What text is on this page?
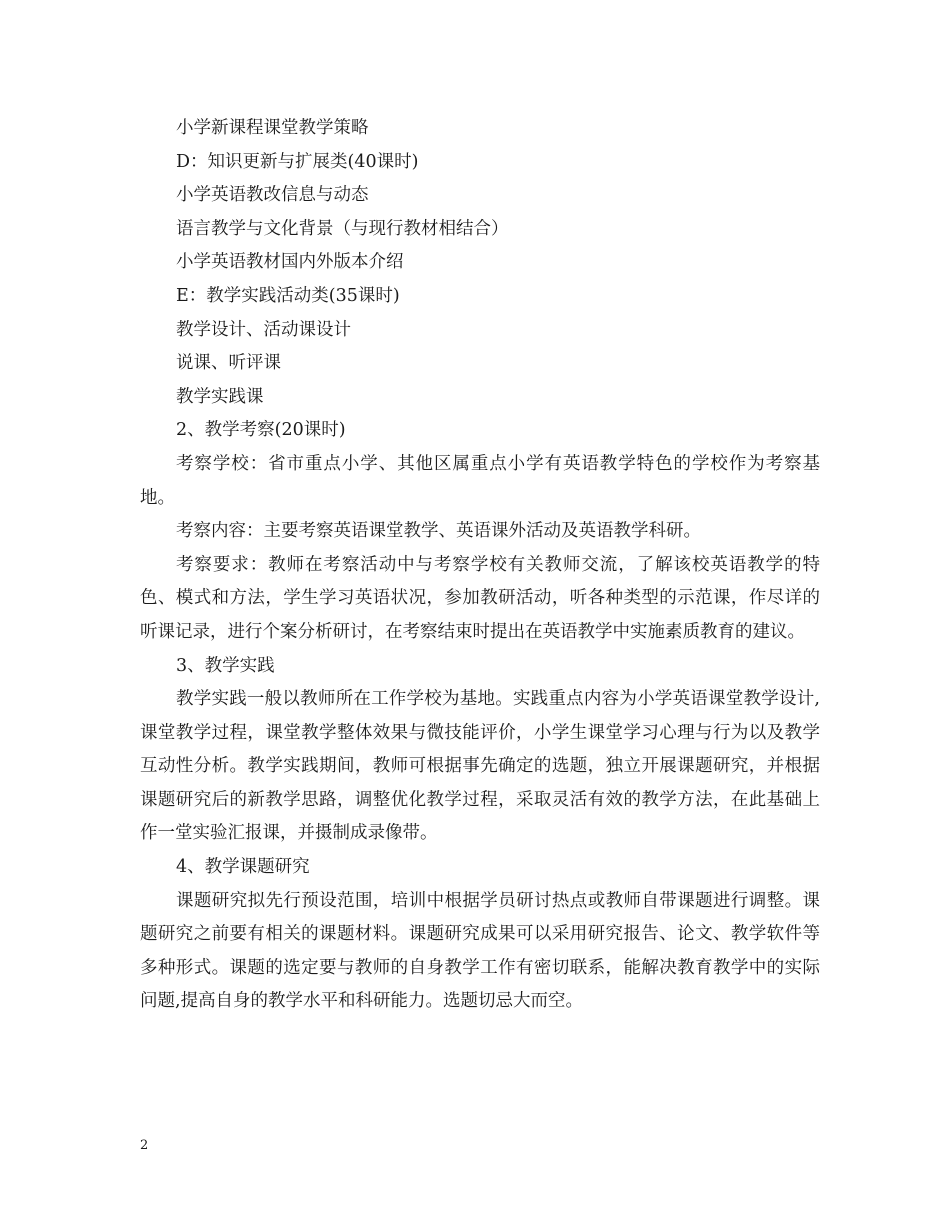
小学新课程课堂教学策略

D：知识更新与扩展类(40课时)

小学英语教改信息与动态

语言教学与文化背景（与现行教材相结合）

小学英语教材国内外版本介绍

E：教学实践活动类(35课时)

教学设计、活动课设计

说课、听评课

教学实践课

2、教学考察(20课时)

考察学校：省市重点小学、其他区属重点小学有英语教学特色的学校作为考察基地。

考察内容：主要考察英语课堂教学、英语课外活动及英语教学科研。

考察要求：教师在考察活动中与考察学校有关教师交流，了解该校英语教学的特色、模式和方法，学生学习英语状况，参加教研活动，听各种类型的示范课，作尽详的听课记录，进行个案分析研讨，在考察结束时提出在英语教学中实施素质教育的建议。

3、教学实践

教学实践一般以教师所在工作学校为基地。实践重点内容为小学英语课堂教学设计,课堂教学过程，课堂教学整体效果与微技能评价，小学生课堂学习心理与行为以及教学互动性分析。教学实践期间，教师可根据事先确定的选题，独立开展课题研究，并根据课题研究后的新教学思路，调整优化教学过程，采取灵活有效的教学方法，在此基础上作一堂实验汇报课，并摄制成录像带。

4、教学课题研究

课题研究拟先行预设范围，培训中根据学员研讨热点或教师自带课题进行调整。课题研究之前要有相关的课题材料。课题研究成果可以采用研究报告、论文、教学软件等多种形式。课题的选定要与教师的自身教学工作有密切联系，能解决教育教学中的实际问题,提高自身的教学水平和科研能力。选题切忌大而空。

2
